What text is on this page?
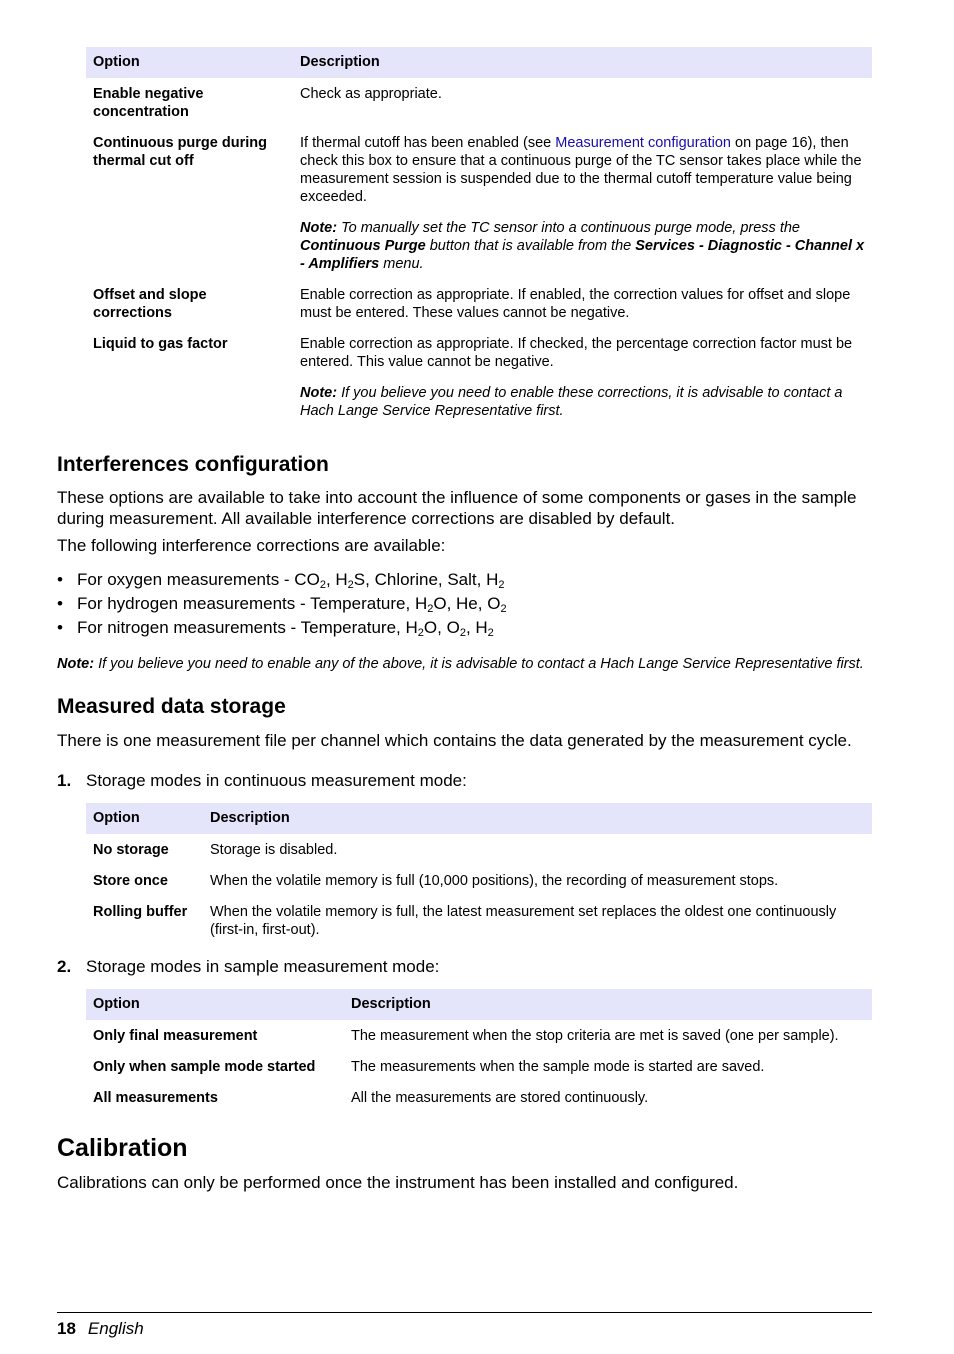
Option	Description
Enable negative concentration	Check as appropriate.
Continuous purge during thermal cut off	If thermal cutoff has been enabled (see Measurement configuration on page 16), then check this box to ensure that a continuous purge of the TC sensor takes place while the measurement session is suspended due to the thermal cutoff temperature value being exceeded.

Note: To manually set the TC sensor into a continuous purge mode, press the Continuous Purge button that is available from the Services - Diagnostic - Channel x - Amplifiers menu.

Offset and slope corrections	Enable correction as appropriate. If enabled, the correction values for offset and slope must be entered. These values cannot be negative.
Liquid to gas factor	Enable correction as appropriate. If checked, the percentage correction factor must be entered. This value cannot be negative.

Note: If you believe you need to enable these corrections, it is advisable to contact a Hach Lange Service Representative first.

Interferences configuration

These options are available to take into account the influence of some components or gases in the sample during measurement. All available interference corrections are disabled by default.

The following interference corrections are available:

• For oxygen measurements - $CO_2$, $H_2S$, Chlorine, Salt, $H_2$
• For hydrogen measurements - Temperature, $H_2O$, He, $O_2$
• For nitrogen measurements - Temperature, $H_2O$, $O_2$, $H_2$

Note: If you believe you need to enable any of the above, it is advisable to contact a Hach Lange Service Representative first.

Measured data storage

There is one measurement file per channel which contains the data generated by the measurement cycle.

1. Storage modes in continuous measurement mode:
Option	Description
No storage	Storage is disabled.
Store once	When the volatile memory is full (10,000 positions), the recording of measurement stops.
Rolling buffer	When the volatile memory is full, the latest measurement set replaces the oldest one continuously (first-in, first-out).
2. Storage modes in sample measurement mode:
Option	Description
Only final measurement	The measurement when the stop criteria are met is saved (one per sample).
Only when sample mode started	The measurements when the sample mode is started are saved.
All measurements	All the measurements are stored continuously.
Calibration

Calibrations can only be performed once the instrument has been installed and configured.

18 English
